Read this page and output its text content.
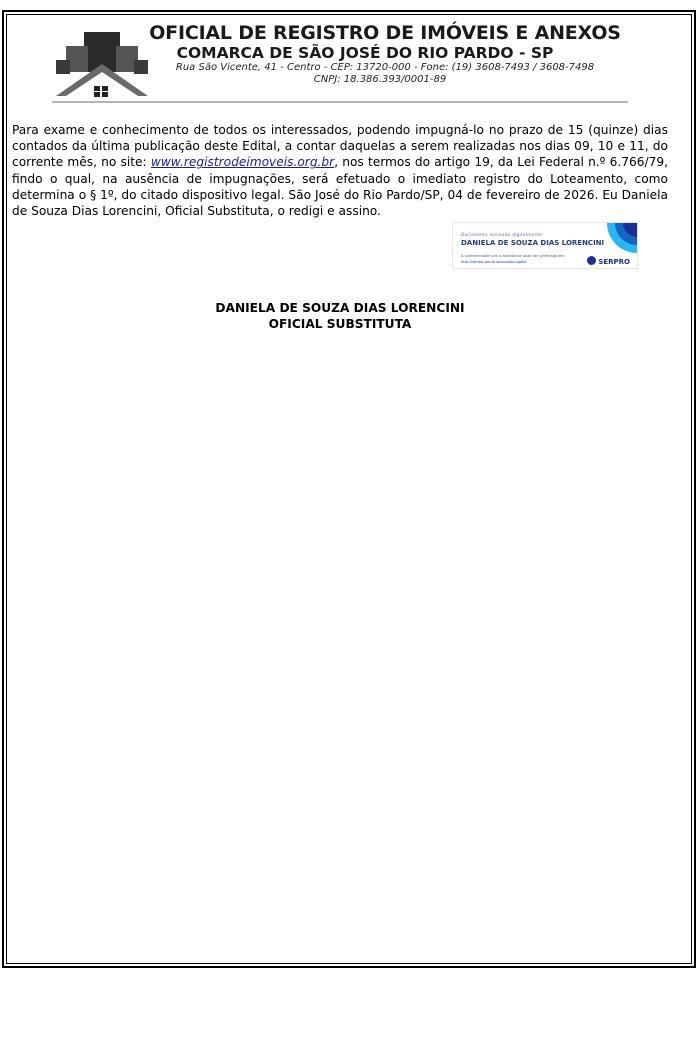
OFICIAL DE REGISTRO DE IMÓVEIS E ANEXOS
COMARCA DE SÃO JOSÉ DO RIO PARDO - SP
Rua São Vicente, 41 - Centro - CEP: 13720-000 - Fone: (19) 3608-7493 / 3608-7498
CNPJ: 18.386.393/0001-89
Para exame e conhecimento de todos os interessados, podendo impugná-lo no prazo de 15 (quinze) dias contados da última publicação deste Edital, a contar daquelas a serem realizadas nos dias 09, 10 e 11, do corrente mês, no site: www.registrodeimoveis.org.br, nos termos do artigo 19, da Lei Federal n.º 6.766/79, findo o qual, na ausência de impugnações, será efetuado o imediato registro do Loteamento, como determina o § 1º, do citado dispositivo legal. São José do Rio Pardo/SP, 04 de fevereiro de 2026. Eu Daniela de Souza Dias Lorencini, Oficial Substituta, o redigi e assino.
Documento assinado digitalmente
DANIELA DE SOUZA DIAS LORENCINI
A conformidade com a assinatura pode ser verificada em:
http://serpro.gov.br/assinador-digital	SERPRO
DANIELA DE SOUZA DIAS LORENCINI
OFICIAL SUBSTITUTA
